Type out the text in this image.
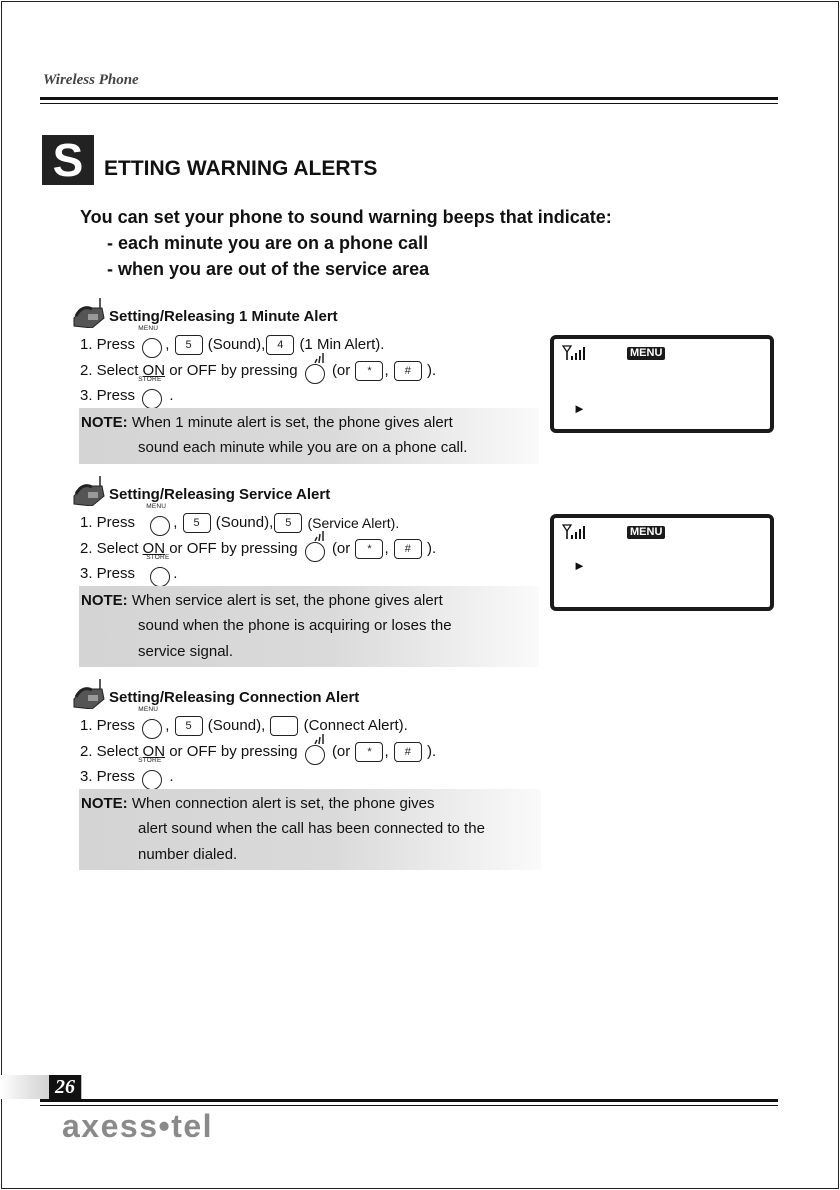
Wireless Phone
S ETTING WARNING ALERTS
You can set your phone to sound warning beeps that indicate:
- each minute you are on a phone call
- when you are out of the service area
Setting/Releasing 1 Minute Alert
1. Press
MENU
, 5 (Sound), 4 (1 Min Alert).
2. Select ON or OFF by pressing (or * , # ).
3. Press
STORE
.
NOTE: When 1 minute alert is set, the phone gives alert
sound each minute while you are on a phone call.
MENU
►
Setting/Releasing Service Alert
1. Press
MENU
, 5 (Sound), 5 (Service Alert).
2. Select ON or OFF by pressing (or * , # ).
3. Press
STORE
.
NOTE: When service alert is set, the phone gives alert
sound when the phone is acquiring or loses the
service signal.
MENU
►
Setting/Releasing Connection Alert
1. Press
MENU
, 5 (Sound),	(Connect Alert).
2. Select ON or OFF by pressing (or * , # ).
3. Press
STORE
.
NOTE: When connection alert is set, the phone gives
alert sound when the call has been connected to the
number dialed.
26
axess•tel
